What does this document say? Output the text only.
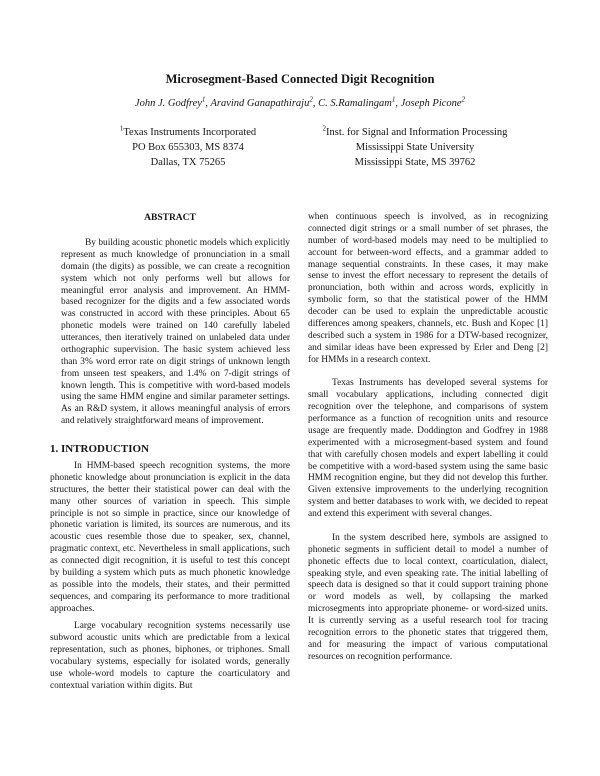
Microsegment-Based Connected Digit Recognition
John J. Godfrey$^1$, Aravind Ganapathiraju$^2$, C. S.Ramalingam$^1$, Joseph Picone$^2$
$^1$Texas Instruments Incorporated
PO Box 655303, MS 8374
Dallas, TX 75265
$^2$Inst. for Signal and Information Processing
Mississippi State University
Mississippi State, MS 39762
ABSTRACT

By building acoustic phonetic models which explicitly represent as much knowledge of pronunciation in a small domain (the digits) as possible, we can create a recognition system which not only performs well but allows for meaningful error analysis and improvement. An HMM-based recognizer for the digits and a few associated words was constructed in accord with these principles. About 65 phonetic models were trained on 140 carefully labeled utterances, then iteratively trained on unlabeled data under orthographic supervision. The basic system achieved less than 3% word error rate on digit strings of unknown length from unseen test speakers, and 1.4% on 7-digit strings of known length. This is competitive with word-based models using the same HMM engine and similar parameter settings. As an R&D system, it allows meaningful analysis of errors and relatively straightforward means of improvement.

1. INTRODUCTION

In HMM-based speech recognition systems, the more phonetic knowledge about pronunciation is explicit in the data structures, the better their statistical power can deal with the many other sources of variation in speech. This simple principle is not so simple in practice, since our knowledge of phonetic variation is limited, its sources are numerous, and its acoustic cues resemble those due to speaker, sex, channel, pragmatic context, etc. Nevertheless in small applications, such as connected digit recognition, it is useful to test this concept by building a system which puts as much phonetic knowledge as possible into the models, their states, and their permitted sequences, and comparing its performance to more traditional approaches.

Large vocabulary recognition systems necessarily use subword acoustic units which are predictable from a lexical representation, such as phones, biphones, or triphones. Small vocabulary systems, especially for isolated words, generally use whole-word models to capture the coarticulatory and contextual variation within digits. But

when continuous speech is involved, as in recognizing connected digit strings or a small number of set phrases, the number of word-based models may need to be multiplied to account for between-word effects, and a grammar added to manage sequential constraints. In these cases, it may make sense to invest the effort necessary to represent the details of pronunciation, both within and across words, explicitly in symbolic form, so that the statistical power of the HMM decoder can be used to explain the unpredictable acoustic differences among speakers, channels, etc. Bush and Kopec [1] described such a system in 1986 for a DTW-based recognizer, and similar ideas have been expressed by Erler and Deng [2] for HMMs in a research context.

Texas Instruments has developed several systems for small vocabulary applications, including connected digit recognition over the telephone, and comparisons of system performance as a function of recognition units and resource usage are frequently made. Doddington and Godfrey in 1988 experimented with a microsegment-based system and found that with carefully chosen models and expert labelling it could be competitive with a word-based system using the same basic HMM recognition engine, but they did not develop this further. Given extensive improvements to the underlying recognition system and better databases to work with, we decided to repeat and extend this experiment with several changes.

In the system described here, symbols are assigned to phonetic segments in sufficient detail to model a number of phonetic effects due to local context, coarticulation, dialect, speaking style, and even speaking rate. The initial labelling of speech data is designed so that it could support training phone or word models as well, by collapsing the marked microsegments into appropriate phoneme- or word-sized units. It is currently serving as a useful research tool for tracing recognition errors to the phonetic states that triggered them, and for measuring the impact of various computational resources on recognition performance.
